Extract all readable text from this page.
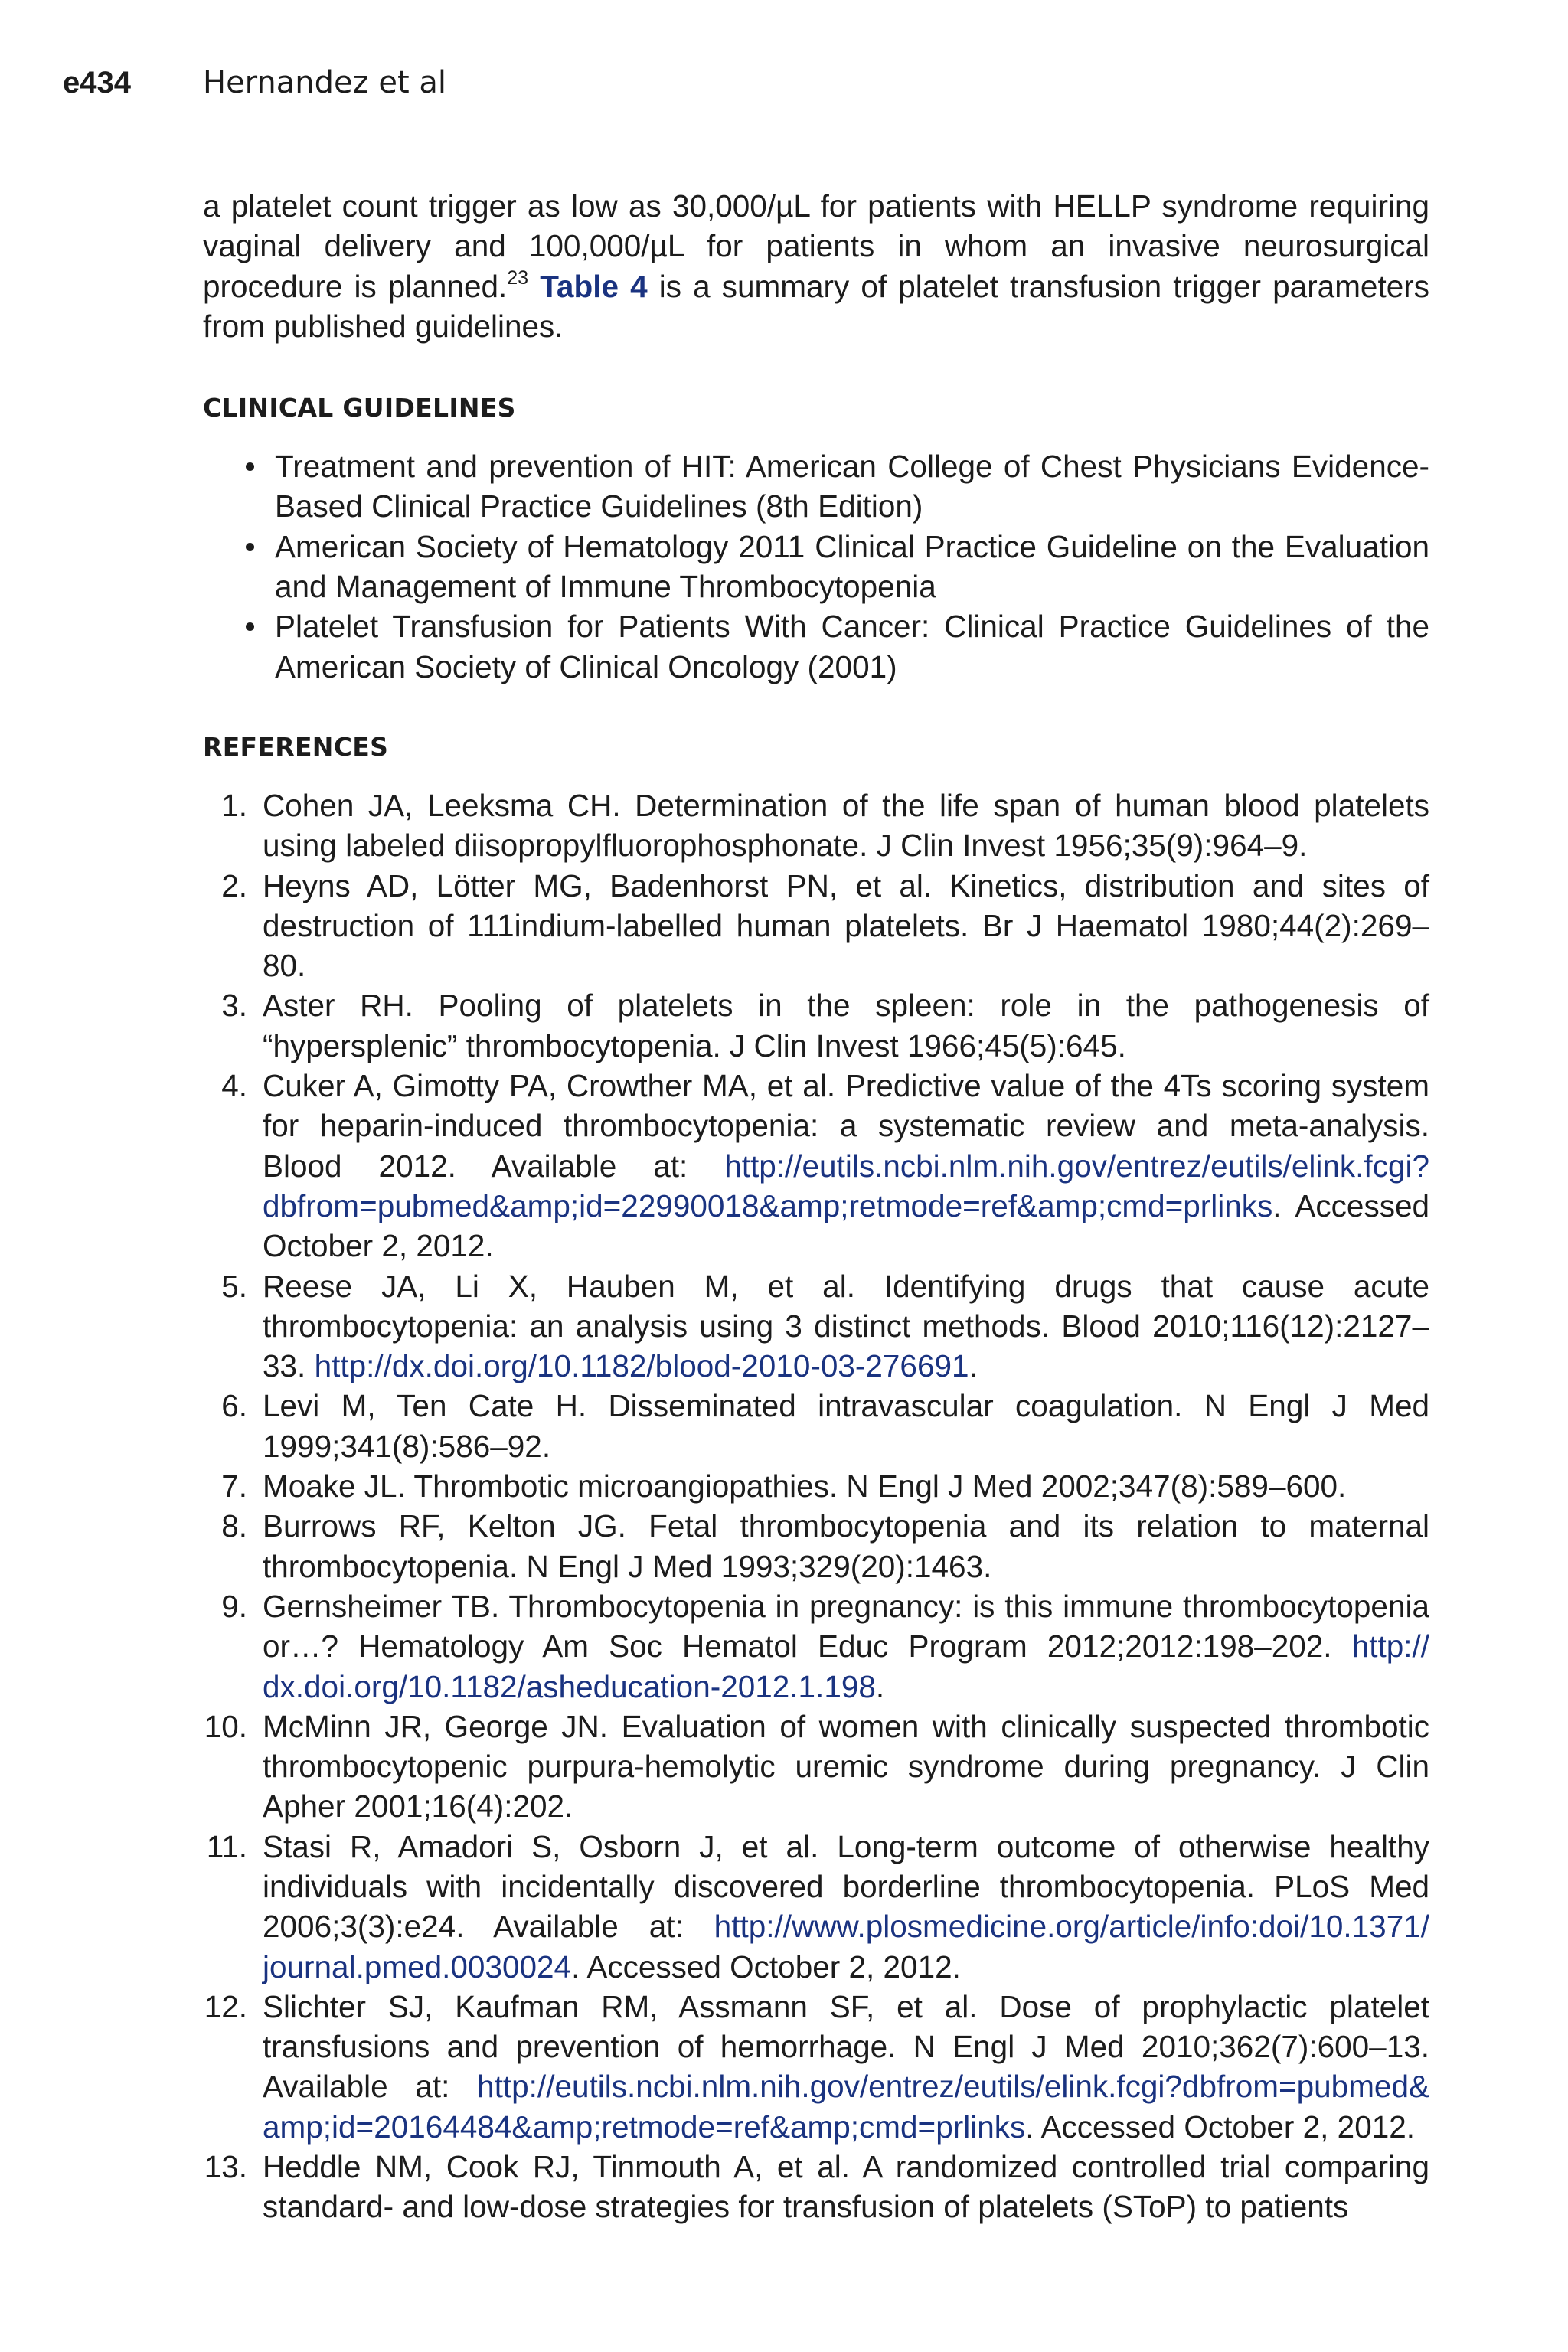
e434 Hernandez et al

a platelet count trigger as low as 30,000/µL for patients with HELLP syndrome requiring vaginal delivery and 100,000/µL for patients in whom an invasive neurosurgical procedure is planned.$^{23}$ Table 4 is a summary of platelet transfusion trigger parameters from published guidelines.

CLINICAL GUIDELINES
Treatment and prevention of HIT: American College of Chest Physicians Evidence-Based Clinical Practice Guidelines (8th Edition)
American Society of Hematology 2011 Clinical Practice Guideline on the Evaluation and Management of Immune Thrombocytopenia
Platelet Transfusion for Patients With Cancer: Clinical Practice Guidelines of the American Society of Clinical Oncology (2001)
REFERENCES
1. Cohen JA, Leeksma CH. Determination of the life span of human blood platelets using labeled diisopropylfluorophosphonate. J Clin Invest 1956;35(9):964–9.
2. Heyns AD, Lötter MG, Badenhorst PN, et al. Kinetics, distribution and sites of destruction of 111indium-labelled human platelets. Br J Haematol 1980;44(2):269–80.
3. Aster RH. Pooling of platelets in the spleen: role in the pathogenesis of “hypersplenic” thrombocytopenia. J Clin Invest 1966;45(5):645.
4. Cuker A, Gimotty PA, Crowther MA, et al. Predictive value of the 4Ts scoring system for heparin-induced thrombocytopenia: a systematic review and meta-analysis. Blood 2012. Available at: http://eutils.ncbi.nlm.nih.gov/entrez/eutils/elink.fcgi?dbfrom=pubmed&amp;id=22990018&amp;retmode=ref&amp;cmd=prlinks. Accessed October 2, 2012.
5. Reese JA, Li X, Hauben M, et al. Identifying drugs that cause acute thrombocytopenia: an analysis using 3 distinct methods. Blood 2010;116(12):2127–33. http://dx.doi.org/10.1182/blood-2010-03-276691.
6. Levi M, Ten Cate H. Disseminated intravascular coagulation. N Engl J Med 1999;341(8):586–92.
7. Moake JL. Thrombotic microangiopathies. N Engl J Med 2002;347(8):589–600.
8. Burrows RF, Kelton JG. Fetal thrombocytopenia and its relation to maternal thrombocytopenia. N Engl J Med 1993;329(20):1463.
9. Gernsheimer TB. Thrombocytopenia in pregnancy: is this immune thrombocytopenia or…? Hematology Am Soc Hematol Educ Program 2012;2012:198–202. http://dx.doi.org/10.1182/asheducation-2012.1.198.
10. McMinn JR, George JN. Evaluation of women with clinically suspected thrombotic thrombocytopenic purpura-hemolytic uremic syndrome during pregnancy. J Clin Apher 2001;16(4):202.
11. Stasi R, Amadori S, Osborn J, et al. Long-term outcome of otherwise healthy individuals with incidentally discovered borderline thrombocytopenia. PLoS Med 2006;3(3):e24. Available at: http://www.plosmedicine.org/article/info:doi/10.1371/journal.pmed.0030024. Accessed October 2, 2012.
12. Slichter SJ, Kaufman RM, Assmann SF, et al. Dose of prophylactic platelet transfusions and prevention of hemorrhage. N Engl J Med 2010;362(7):600–13. Available at: http://eutils.ncbi.nlm.nih.gov/entrez/eutils/elink.fcgi?dbfrom=pubmed&amp;id=20164484&amp;retmode=ref&amp;cmd=prlinks. Accessed October 2, 2012.
13. Heddle NM, Cook RJ, Tinmouth A, et al. A randomized controlled trial comparing standard- and low-dose strategies for transfusion of platelets (SToP) to patients
